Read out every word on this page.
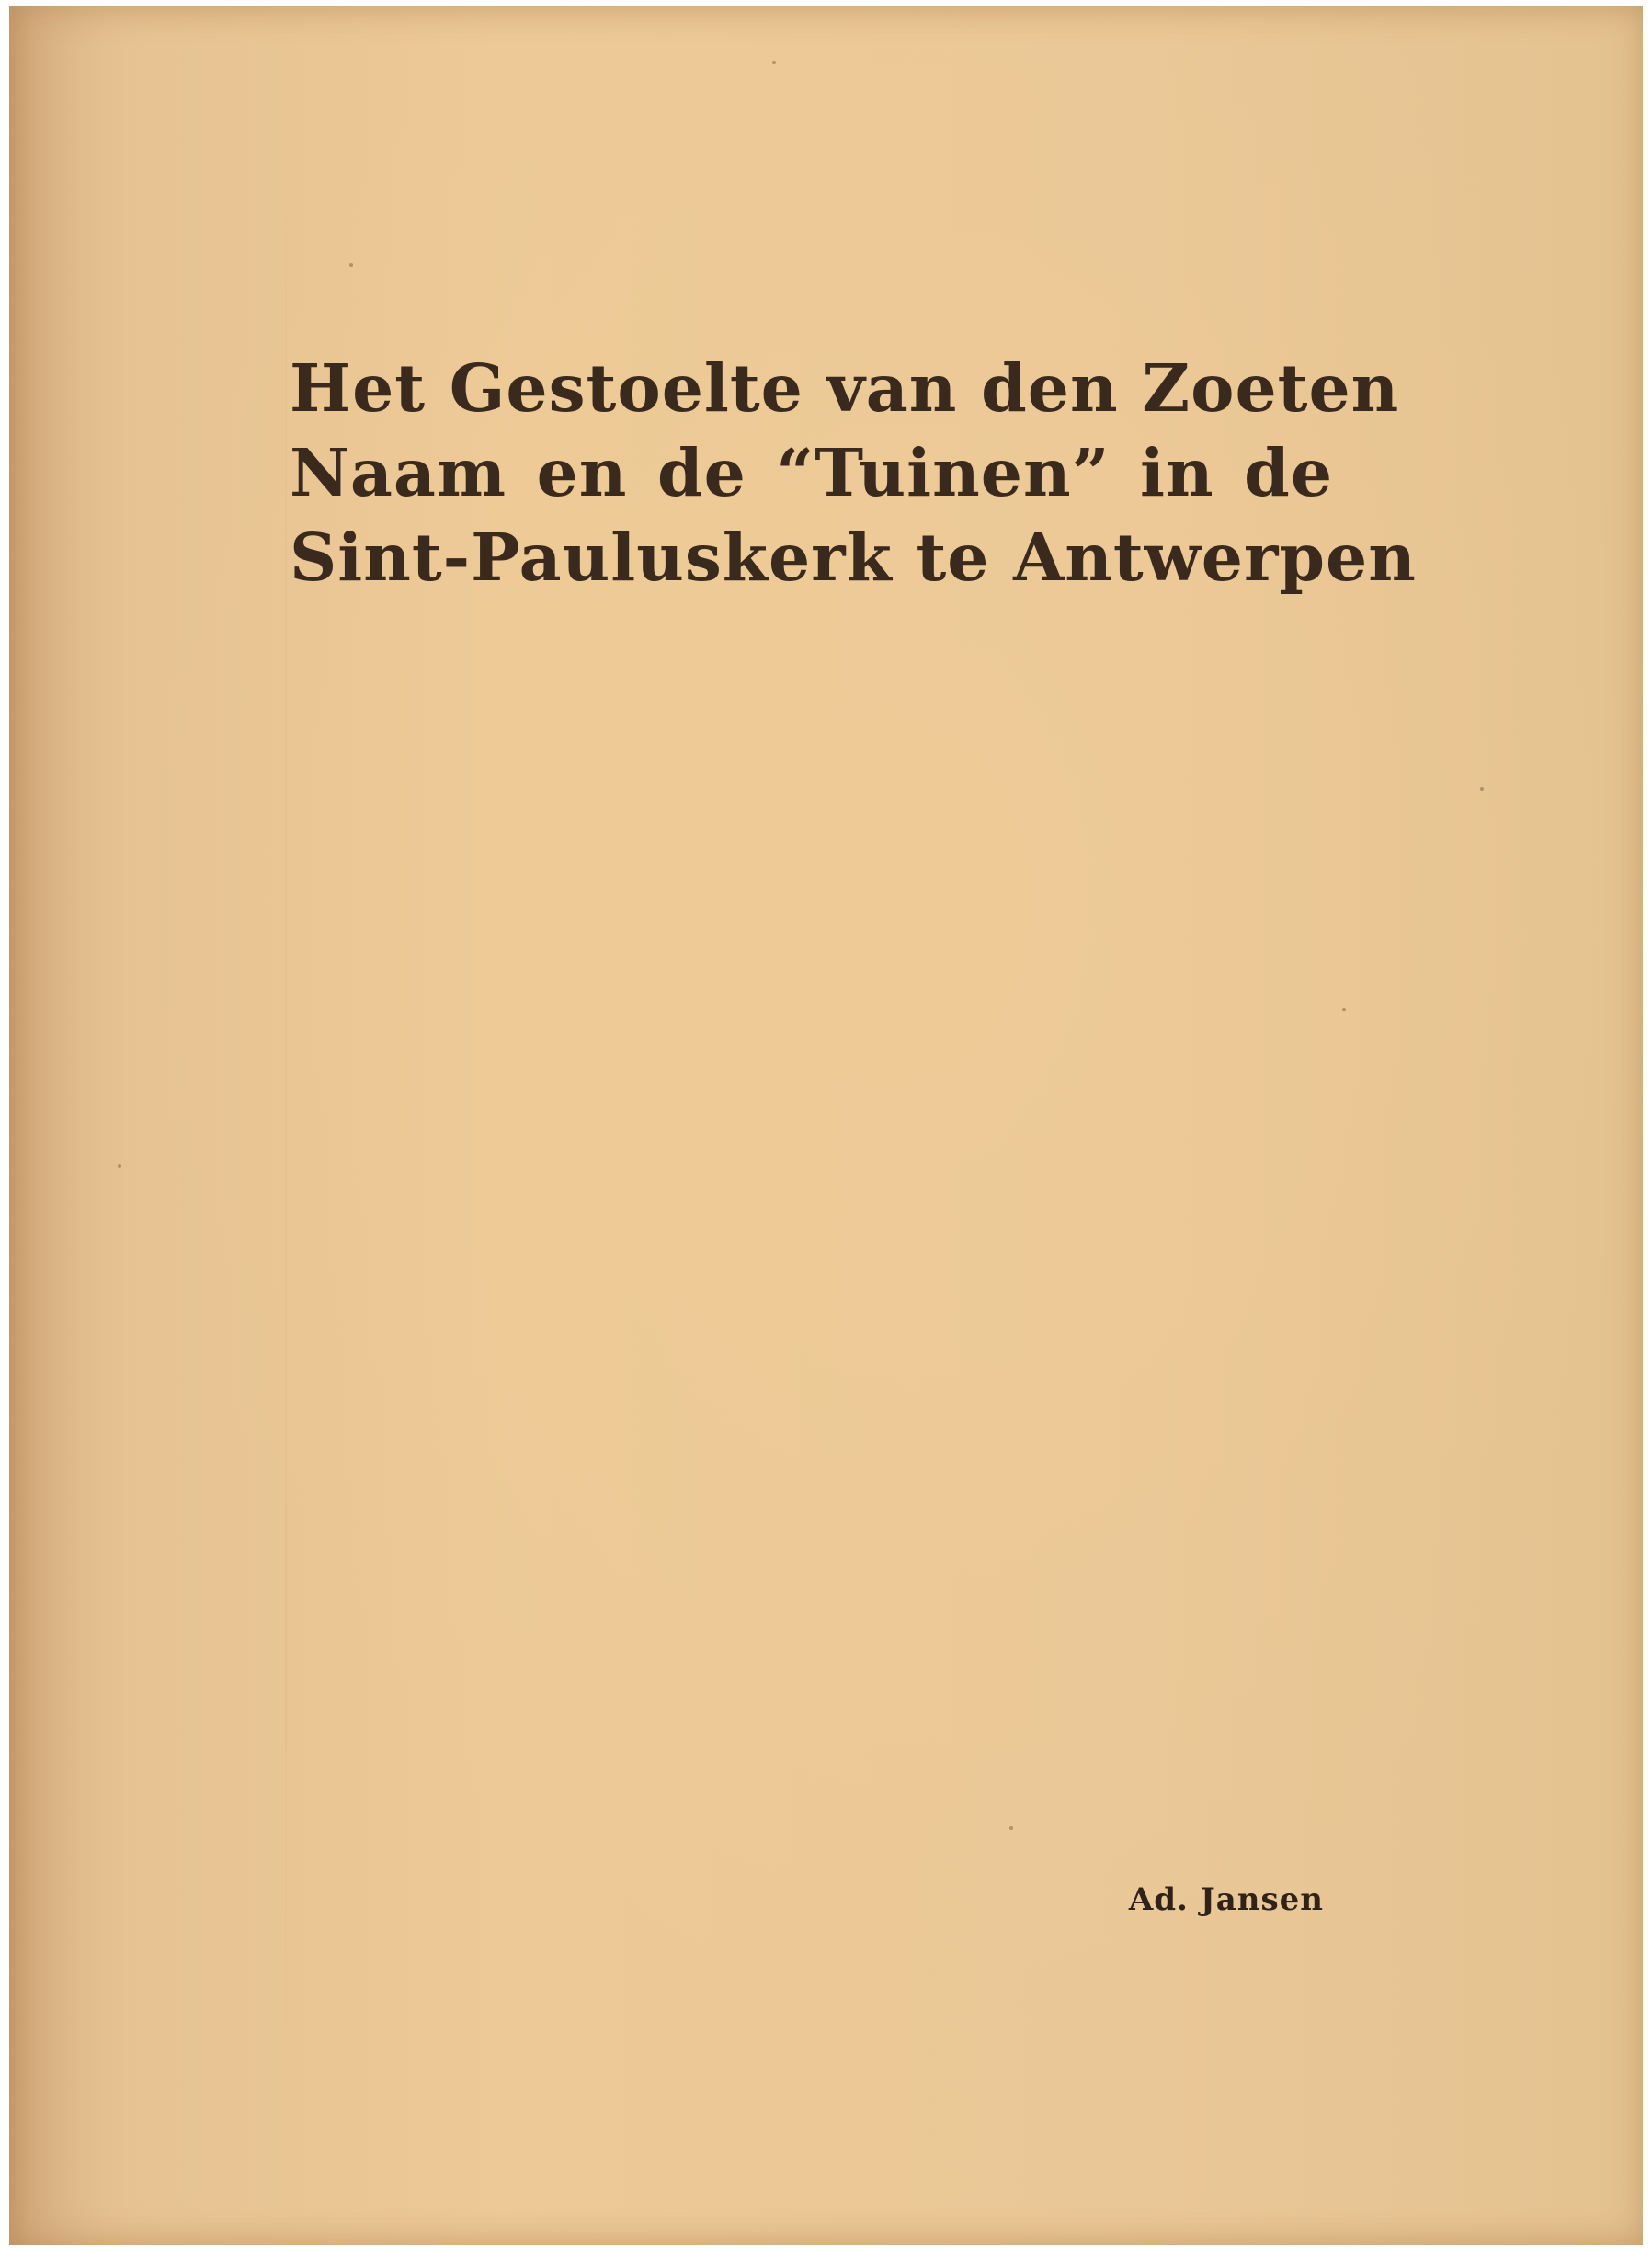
Het Gestoelte van den Zoeten
Naam en de “Tuinen” in de
Sint-Pauluskerk te Antwerpen
Ad. Jansen
